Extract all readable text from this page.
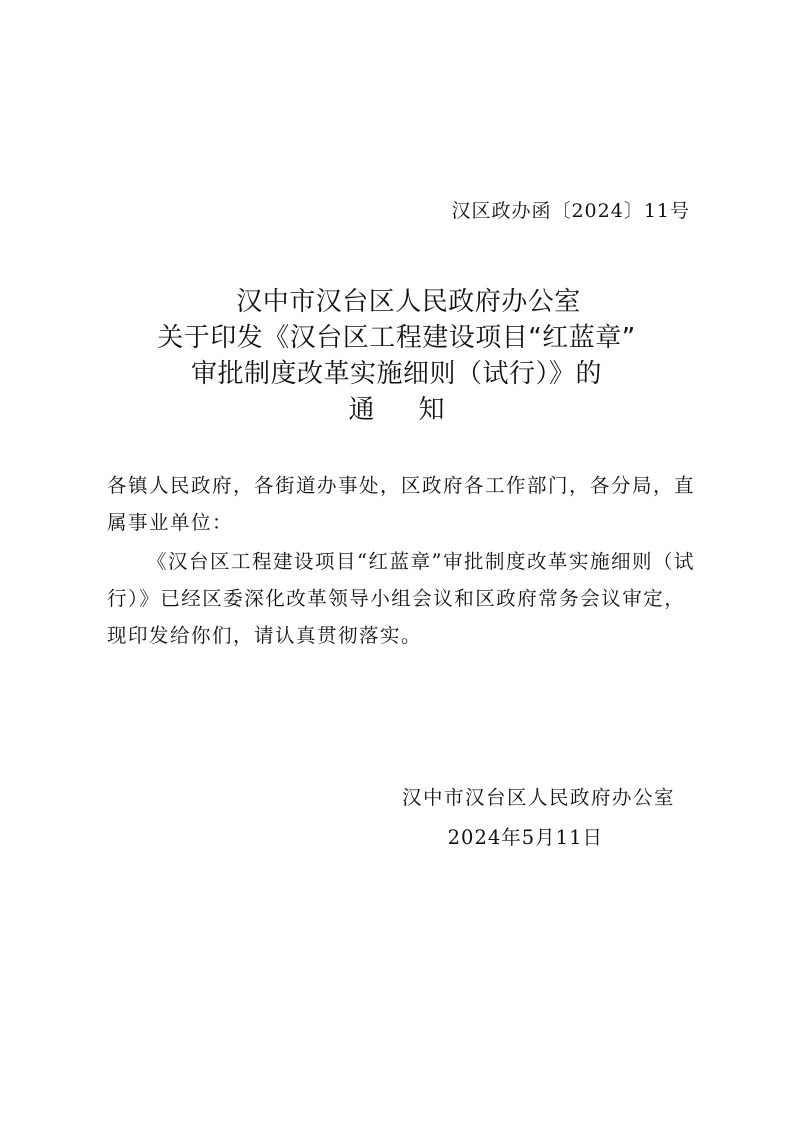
汉区政办函〔2024〕11号
汉中市汉台区人民政府办公室
关于印发《汉台区工程建设项目“红蓝章”
审批制度改革实施细则（试行）》的
通知
各镇人民政府，各街道办事处，区政府各工作部门，各分局，直属事业单位：
《汉台区工程建设项目“红蓝章”审批制度改革实施细则（试行）》已经区委深化改革领导小组会议和区政府常务会议审定，现印发给你们，请认真贯彻落实。
汉中市汉台区人民政府办公室
2024年5月11日
